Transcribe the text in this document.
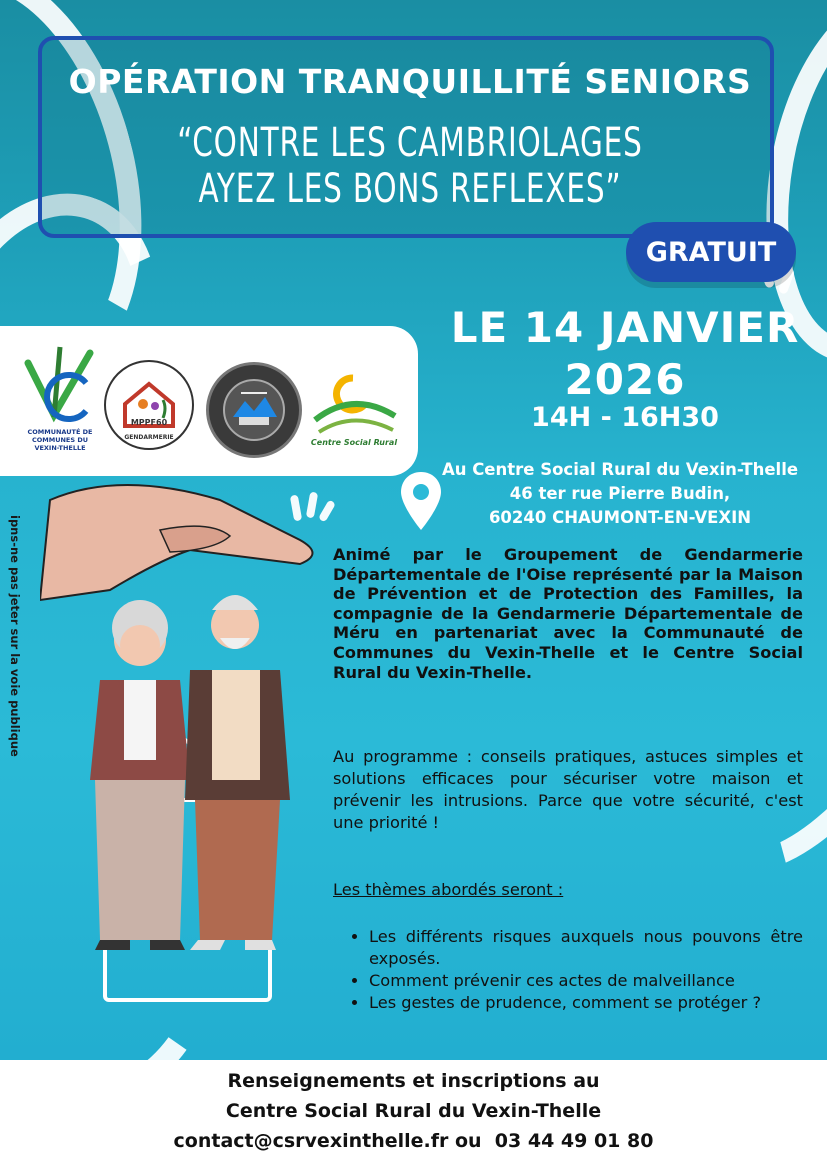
OPÉRATION TRANQUILLITÉ SENIORS
“CONTRE LES CAMBRIOLAGES
AYEZ LES BONS REFLEXES”
GRATUIT
COMMUNAUTÉ DE COMMUNES DU VEXIN-THELLE
MPPF60
GENDARMERIE
Centre Social Rural
LE 14 JANVIER
2026
14H - 16H30
Au Centre Social Rural du Vexin-Thelle
46 ter rue Pierre Budin,
60240 CHAUMONT-EN-VEXIN
ipns-ne pas jeter sur la voie publique	Animé par le Groupement de Gendarmerie Départementale de l'Oise représenté par la Maison de Prévention et de Protection des Familles, la compagnie de la Gendarmerie Départementale de Méru en partenariat avec la Communauté de Communes du Vexin-Thelle et le Centre Social Rural du Vexin-Thelle.
Au programme : conseils pratiques, astuces simples et solutions efficaces pour sécuriser votre maison et prévenir les intrusions. Parce que votre sécurité, c'est une priorité !
Les thèmes abordés seront :
• Les différents risques auxquels nous pouvons être exposés.
• Comment prévenir ces actes de malveillance
• Les gestes de prudence, comment se protéger ?
Renseignements et inscriptions au
Centre Social Rural du Vexin-Thelle
contact@csrvexinthelle.fr ou  03 44 49 01 80
